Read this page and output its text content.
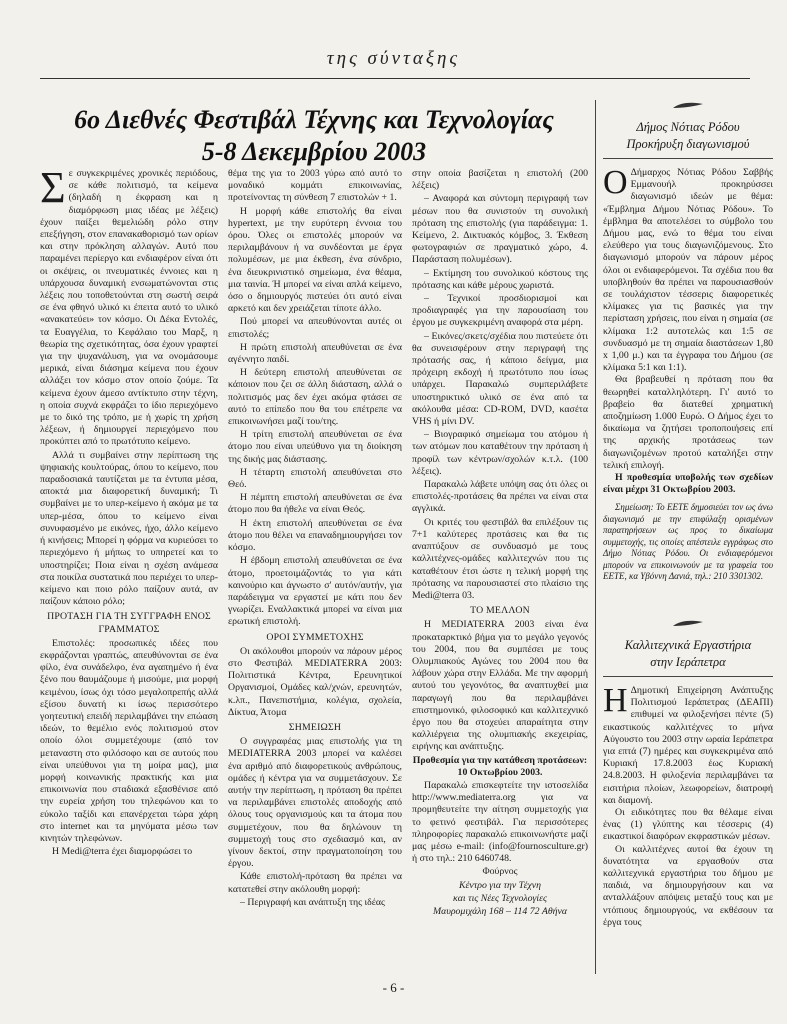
της σύνταξης
6ο Διεθνές Φεστιβάλ Τέχνης και Τεχνολογίας
5-8 Δεκεμβρίου 2003

Σε συγκεκριμένες χρονικές περιόδους, σε κάθε πολιτισμό, τα κείμενα (δηλαδή η έκφραση και η διαμόρφωση μιας ιδέας με λέξεις) έχουν παίξει θεμελιώδη ρόλο στην επεξήγηση, στον επανακαθορισμό των ορίων και στην πρόκληση αλλαγών. Αυτό που παραμένει περίεργο και ενδιαφέρον είναι ότι οι σκέψεις, οι πνευματικές έννοιες και η υπάρχουσα δυναμική ενσωματώνονται στις λέξεις που τοποθετούνται στη σωστή σειρά σε ένα φθηνό υλικό κι έπειτα αυτό το υλικό «ανακατεύει» τον κόσμο. Οι Δέκα Εντολές, τα Ευαγγέλια, το Κεφάλαιο του Μαρξ, η θεωρία της σχετικότητας, όσα έχουν γραφτεί για την ψυχανάλυση, για να ονομάσουμε μερικά, είναι διάσημα κείμενα που έχουν αλλάξει τον κόσμο στον οποίο ζούμε. Τα κείμενα έχουν άμεσο αντίκτυπο στην τέχνη, η οποία συχνά εκφράζει το ίδιο περιεχόμενο με το δικό της τρόπο, με ή χωρίς τη χρήση λέξεων, ή δημιουργεί περιεχόμενο που προκύπτει από το πρωτότυπο κείμενο.

Αλλά τι συμβαίνει στην περίπτωση της ψηφιακής κουλτούρας, όπου το κείμενο, που παραδοσιακά ταυτίζεται με τα έντυπα μέσα, αποκτά μια διαφορετική δυναμική; Τι συμβαίνει με το υπερ-κείμενο ή ακόμα με τα υπερ-μέσα, όπου το κείμενο είναι συνυφασμένο με εικόνες, ήχο, άλλο κείμενο ή κινήσεις; Μπορεί η φόρμα να κυριεύσει το περιεχόμενο ή μήπως το υπηρετεί και το υποστηρίζει; Ποια είναι η σχέση ανάμεσα στα ποικίλα συστατικά που περιέχει το υπερ-κείμενο και ποιο ρόλο παίζουν αυτά, αν παίζουν κάποιο ρόλο;

ΠΡΟΤΑΣΗ ΓΙΑ ΤΗ ΣΥΓΓΡΑΦΗ ΕΝΟΣ ΓΡΑΜΜΑΤΟΣ

Επιστολές: προσωπικές ιδέες που εκφράζονται γραπτώς, απευθύνονται σε ένα φίλο, ένα συνάδελφο, ένα αγαπημένο ή ένα ξένο που θαυμάζουμε ή μισούμε, μια μορφή κειμένου, ίσως όχι τόσο μεγαλοπρεπής αλλά εξίσου δυνατή κι ίσως περισσότερο γοητευτική επειδή περιλαμβάνει την επώαση ιδεών, το θεμέλιο ενός πολιτισμού στον οποίο όλοι συμμετέχουμε (από τον μεταναστη στο φιλόσοφο και σε αυτούς που είναι υπεύθυνοι για τη μοίρα μας), μια μορφή κοινωνικής πρακτικής και μια επικοινωνία που σταδιακά εξασθένισε από την ευρεία χρήση του τηλεφώνου και το εύκολο ταξίδι και επανέρχεται τώρα χάρη στο internet και τα μηνύματα μέσω των κινητών τηλεφώνων.

Η Medi@terra έχει διαμορφώσει το

θέμα της για το 2003 γύρω από αυτό το μοναδικό κομμάτι επικοινωνίας, προτείνοντας τη σύνθεση 7 επιστολών + 1.

Η μορφή κάθε επιστολής θα είναι hypertext, με την ευρύτερη έννοια του όρου. Όλες οι επιστολές μπορούν να περιλαμβάνουν ή να συνδέονται με έργα πολυμέσων, με μια έκθεση, ένα σύνδριο, ένα διευκρινιστικό σημείωμα, ένα θέαμα, μια ταινία. Ή μπορεί να είναι απλά κείμενο, όσο ο δημιουργός πιστεύει ότι αυτό είναι αρκετό και δεν χρειάζεται τίποτε άλλο.

Πού μπορεί να απευθύνονται αυτές οι επιστολές;

Η πρώτη επιστολή απευθύνεται σε ένα αγέννητο παιδί.

Η δεύτερη επιστολή απευθύνεται σε κάποιον που ζει σε άλλη διάσταση, αλλά ο πολιτισμός μας δεν έχει ακόμα φτάσει σε αυτό το επίπεδο που θα του επέτρεπε να επικοινωνήσει μαζί του/της.

Η τρίτη επιστολή απευθύνεται σε ένα άτομο που είναι υπεύθυνο για τη διοίκηση της δικής μας διάστασης.

Η τέταρτη επιστολή απευθύνεται στο Θεό.

Η πέμπτη επιστολή απευθύνεται σε ένα άτομο που θα ήθελε να είναι Θεός.

Η έκτη επιστολή απευθύνεται σε ένα άτομο που θέλει να επαναδημιουργήσει τον κόσμο.

Η έβδομη επιστολή απευθύνεται σε ένα άτομο, προετοιμάζοντάς το για κάτι καινούριο και άγνωστο σ' αυτόν/αυτήν, για παράδειγμα να εργαστεί με κάτι που δεν γνωρίζει. Εναλλακτικά μπορεί να είναι μια ερωτική επιστολή.

ΟΡΟΙ ΣΥΜΜΕΤΟΧΗΣ

Οι ακόλουθοι μπορούν να πάρουν μέρος στο Φεστιβάλ MEDIATERRA 2003: Πολιτιστικά Κέντρα, Ερευνητικοί Οργανισμοί, Ομάδες καλ/χνών, ερευνητών, κ.λπ., Πανεπιστήμια, κολέγια, σχολεία, Δίκτυα, Άτομα

ΣΗΜΕΙΩΣΗ

Ο συγγραφέας μιας επιστολής για τη MEDIATERRA 2003 μπορεί να καλέσει ένα αριθμό από διαφορετικούς ανθρώπους, ομάδες ή κέντρα για να συμμετάσχουν. Σε αυτήν την περίπτωση, η πρόταση θα πρέπει να περιλαμβάνει επιστολές αποδοχής από όλους τους οργανισμούς και τα άτομα που συμμετέχουν, που θα δηλώνουν τη συμμετοχή τους στο σχεδιασμό και, αν γίνουν δεκτοί, στην πραγματοποίηση του έργου.

Κάθε επιστολή-πρόταση θα πρέπει να κατατεθεί στην ακόλουθη μορφή:

– Περιγραφή και ανάπτυξη της ιδέας

στην οποία βασίζεται η επιστολή (200 λέξεις)

– Αναφορά και σύντομη περιγραφή των μέσων που θα συνιστούν τη συνολική πρόταση της επιστολής (για παράδειγμα: 1. Κείμενο, 2. Δικτυακός κόμβος, 3. Έκθεση φωτογραφιών σε πραγματικό χώρο, 4. Παράσταση πολυμέσων).

– Εκτίμηση του συνολικού κόστους της πρότασης και κάθε μέρους χωριστά.

– Τεχνικοί προσδιορισμοί και προδιαγραφές για την παρουσίαση του έργου με συγκεκριμένη αναφορά στα μέρη.

– Εικόνες/σκετς/σχέδια που πιστεύετε ότι θα συνεισφέρουν στην περιγραφή της πρότασής σας, ή κάποιο δείγμα, μια πρόχειρη εκδοχή ή πρωτότυπο που ίσως υπάρχει. Παρακαλώ συμπεριλάβετε υποστηρικτικό υλικό σε ένα από τα ακόλουθα μέσα: CD-ROM, DVD, κασέτα VHS ή μίνι DV.

– Βιογραφικό σημείωμα του ατόμου ή των ατόμων που καταθέτουν την πρόταση ή προφίλ των κέντρων/σχολών κ.τ.λ. (100 λέξεις).

Παρακαλώ λάβετε υπόψη σας ότι όλες οι επιστολές-προτάσεις θα πρέπει να είναι στα αγγλικά.

Οι κριτές του φεστιβάλ θα επιλέξουν τις 7+1 καλύτερες προτάσεις και θα τις αναπτύξουν σε συνδυασμό με τους καλλιτέχνες-ομάδες καλλιτεχνών που τις καταθέτουν έτσι ώστε η τελική μορφή της πρότασης να παρουσιαστεί στο πλαίσιο της Medi@terra 03.

ΤΟ ΜΕΛΛΟΝ

Η MEDIATERRA 2003 είναι ένα προκαταρκτικό βήμα για το μεγάλο γεγονός του 2004, που θα συμπέσει με τους Ολυμπιακούς Αγώνες του 2004 που θα λάβουν χώρα στην Ελλάδα. Με την αφορμή αυτού του γεγονότος, θα αναπτυχθεί μια παραγωγή που θα περιλαμβάνει επιστημονικό, φιλοσοφικό και καλλιτεχνικό έργο που θα στοχεύει απαραίτητα στην καλλιέργεια της ολυμπιακής εκεχειρίας, ειρήνης και ανάπτυξης.

Προθεσμία για την κατάθεση προτάσεων: 10 Οκτωβρίου 2003.

Παρακαλώ επισκεφτείτε την ιστοσελίδα http://www.mediaterra.org για να προμηθευτείτε την αίτηση συμμετοχής για το φετινό φεστιβάλ. Για περισσότερες πληροφορίες παρακαλώ επικοινωνήστε μαζί μας μέσω e-mail: (info@fournosculture.gr) ή στο τηλ.: 210 6460748.

Φούρνος

Κέντρο για την Τέχνη

και τις Νέες Τεχνολογίες

Μαυρομιχάλη 168 – 114 72 Αθήνα

Δήμος Νότιας Ρόδου
Προκήρυξη διαγωνισμού

Ο Δήμαρχος Νότιας Ρόδου Σαββής Εμμανουήλ προκηρύσσει διαγωνισμό ιδεών με θέμα: «Έμβλημα Δήμου Νότιας Ρόδου». Το έμβλημα θα αποτελέσει το σύμβολο του Δήμου μας, ενώ το θέμα του είναι ελεύθερο για τους διαγωνιζόμενους. Στο διαγωνισμό μπορούν να πάρουν μέρος όλοι οι ενδιαφερόμενοι. Τα σχέδια που θα υποβληθούν θα πρέπει να παρουσιασθούν σε τουλάχιστον τέσσερις διαφορετικές κλίμακες για τις βασικές για την περίσταση χρήσεις, που είναι η σημαία (σε κλίμακα 1:2 αυτοτελώς και 1:5 σε συνδυασμό με τη σημαία διαστάσεων 1,80 x 1,00 μ.) και τα έγγραφα του Δήμου (σε κλίμακα 5:1 και 1:1).

Θα βραβευθεί η πρόταση που θα θεωρηθεί καταλληλότερη. Γι' αυτό το βραβείο θα διατεθεί χρηματική αποζημίωση 1.000 Ευρώ. Ο Δήμος έχει το δικαίωμα να ζητήσει τροποποιήσεις επί της αρχικής προτάσεως των διαγωνιζομένων προτού καταλήξει στην τελική επιλογή.

Η προθεσμία υποβολής των σχεδίων είναι μέχρι 31 Οκτωβρίου 2003.

Σημείωση: Το ΕΕΤΕ δημοσιεύει τον ως άνω διαγωνισμό με την επιφύλαξη ορισμένων παρατηρήσεων ως προς το δικαίωμα συμμετοχής, τις οποίες απέστειλε εγγράφως στο Δήμο Νότιας Ρόδου. Οι ενδιαφερόμενοι μπορούν να επικοινωνούν με τα γραφεία του ΕΕΤΕ, κα Υβόννη Δανιά, τηλ.: 210 3301302.
Καλλιτεχνικά Εργαστήρια
στην Ιεράπετρα

Η Δημοτική Επιχείρηση Ανάπτυξης Πολιτισμού Ιεράπετρας (ΔΕΑΠΙ) επιθυμεί να φιλοξενήσει πέντε (5) εικαστικούς καλλιτέχνες το μήνα Αύγουστο του 2003 στην ωραία Ιεράπετρα για επτά (7) ημέρες και συγκεκριμένα από Κυριακή 17.8.2003 έως Κυριακή 24.8.2003. Η φιλοξενία περιλαμβάνει τα εισιτήρια πλοίων, λεωφορείων, διατροφή και διαμονή.

Οι ειδικότητες που θα θέλαμε είναι ένας (1) γλύπτης και τέσσερις (4) εικαστικοί διαφόρων εκφραστικών μέσων.

Οι καλλιτέχνες αυτοί θα έχουν τη δυνατότητα να εργασθούν στα καλλιτεχνικά εργαστήρια του δήμου με παιδιά, να δημιουργήσουν και να ανταλλάξουν απόψεις μεταξύ τους και με ντόπιους δημιουργούς, να εκθέσουν τα έργα τους

- 6 -
